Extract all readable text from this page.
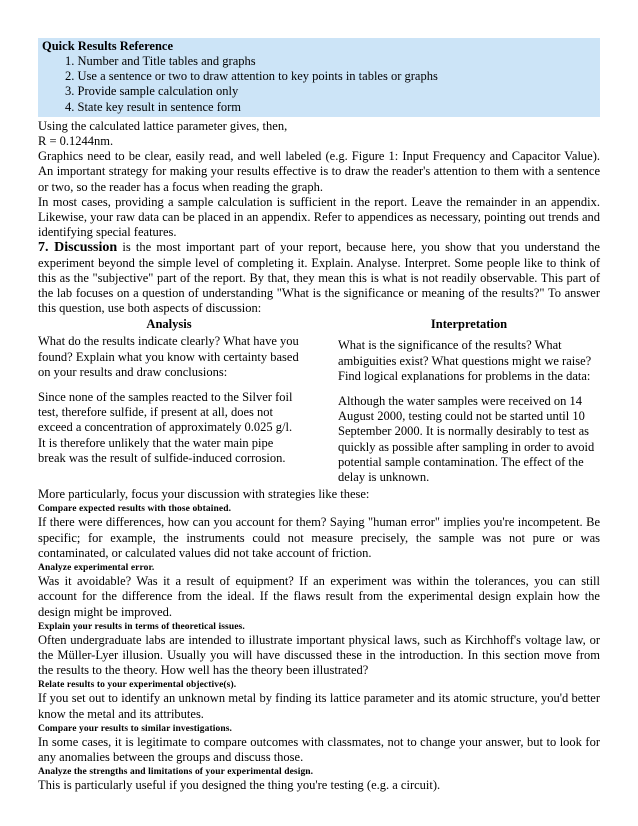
Quick Results Reference
1. Number and Title tables and graphs
2. Use a sentence or two to draw attention to key points in tables or graphs
3. Provide sample calculation only
4. State key result in sentence form

Using the calculated lattice parameter gives, then,

R = 0.1244nm.

Graphics need to be clear, easily read, and well labeled (e.g. Figure 1: Input Frequency and Capacitor Value). An important strategy for making your results effective is to draw the reader's attention to them with a sentence or two, so the reader has a focus when reading the graph.

In most cases, providing a sample calculation is sufficient in the report. Leave the remainder in an appendix. Likewise, your raw data can be placed in an appendix. Refer to appendices as necessary, pointing out trends and identifying special features.

7. Discussion is the most important part of your report, because here, you show that you understand the experiment beyond the simple level of completing it. Explain. Analyse. Interpret. Some people like to think of this as the "subjective" part of the report. By that, they mean this is what is not readily observable. This part of the lab focuses on a question of understanding "What is the significance or meaning of the results?" To answer this question, use both aspects of discussion:

Analysis

What do the results indicate clearly? What have you found? Explain what you know with certainty based on your results and draw conclusions:

Since none of the samples reacted to the Silver foil test, therefore sulfide, if present at all, does not exceed a concentration of approximately 0.025 g/l. It is therefore unlikely that the water main pipe break was the result of sulfide-induced corrosion.

Interpretation

What is the significance of the results? What ambiguities exist? What questions might we raise? Find logical explanations for problems in the data:

Although the water samples were received on 14 August 2000, testing could not be started until 10 September 2000. It is normally desirably to test as quickly as possible after sampling in order to avoid potential sample contamination. The effect of the delay is unknown.

More particularly, focus your discussion with strategies like these:

Compare expected results with those obtained.

If there were differences, how can you account for them? Saying "human error" implies you're incompetent. Be specific; for example, the instruments could not measure precisely, the sample was not pure or was contaminated, or calculated values did not take account of friction.

Analyze experimental error.

Was it avoidable? Was it a result of equipment? If an experiment was within the tolerances, you can still account for the difference from the ideal. If the flaws result from the experimental design explain how the design might be improved.

Explain your results in terms of theoretical issues.

Often undergraduate labs are intended to illustrate important physical laws, such as Kirchhoff's voltage law, or the Müller-Lyer illusion. Usually you will have discussed these in the introduction. In this section move from the results to the theory. How well has the theory been illustrated?

Relate results to your experimental objective(s).

If you set out to identify an unknown metal by finding its lattice parameter and its atomic structure, you'd better know the metal and its attributes.

Compare your results to similar investigations.

In some cases, it is legitimate to compare outcomes with classmates, not to change your answer, but to look for any anomalies between the groups and discuss those.

Analyze the strengths and limitations of your experimental design.

This is particularly useful if you designed the thing you're testing (e.g. a circuit).
